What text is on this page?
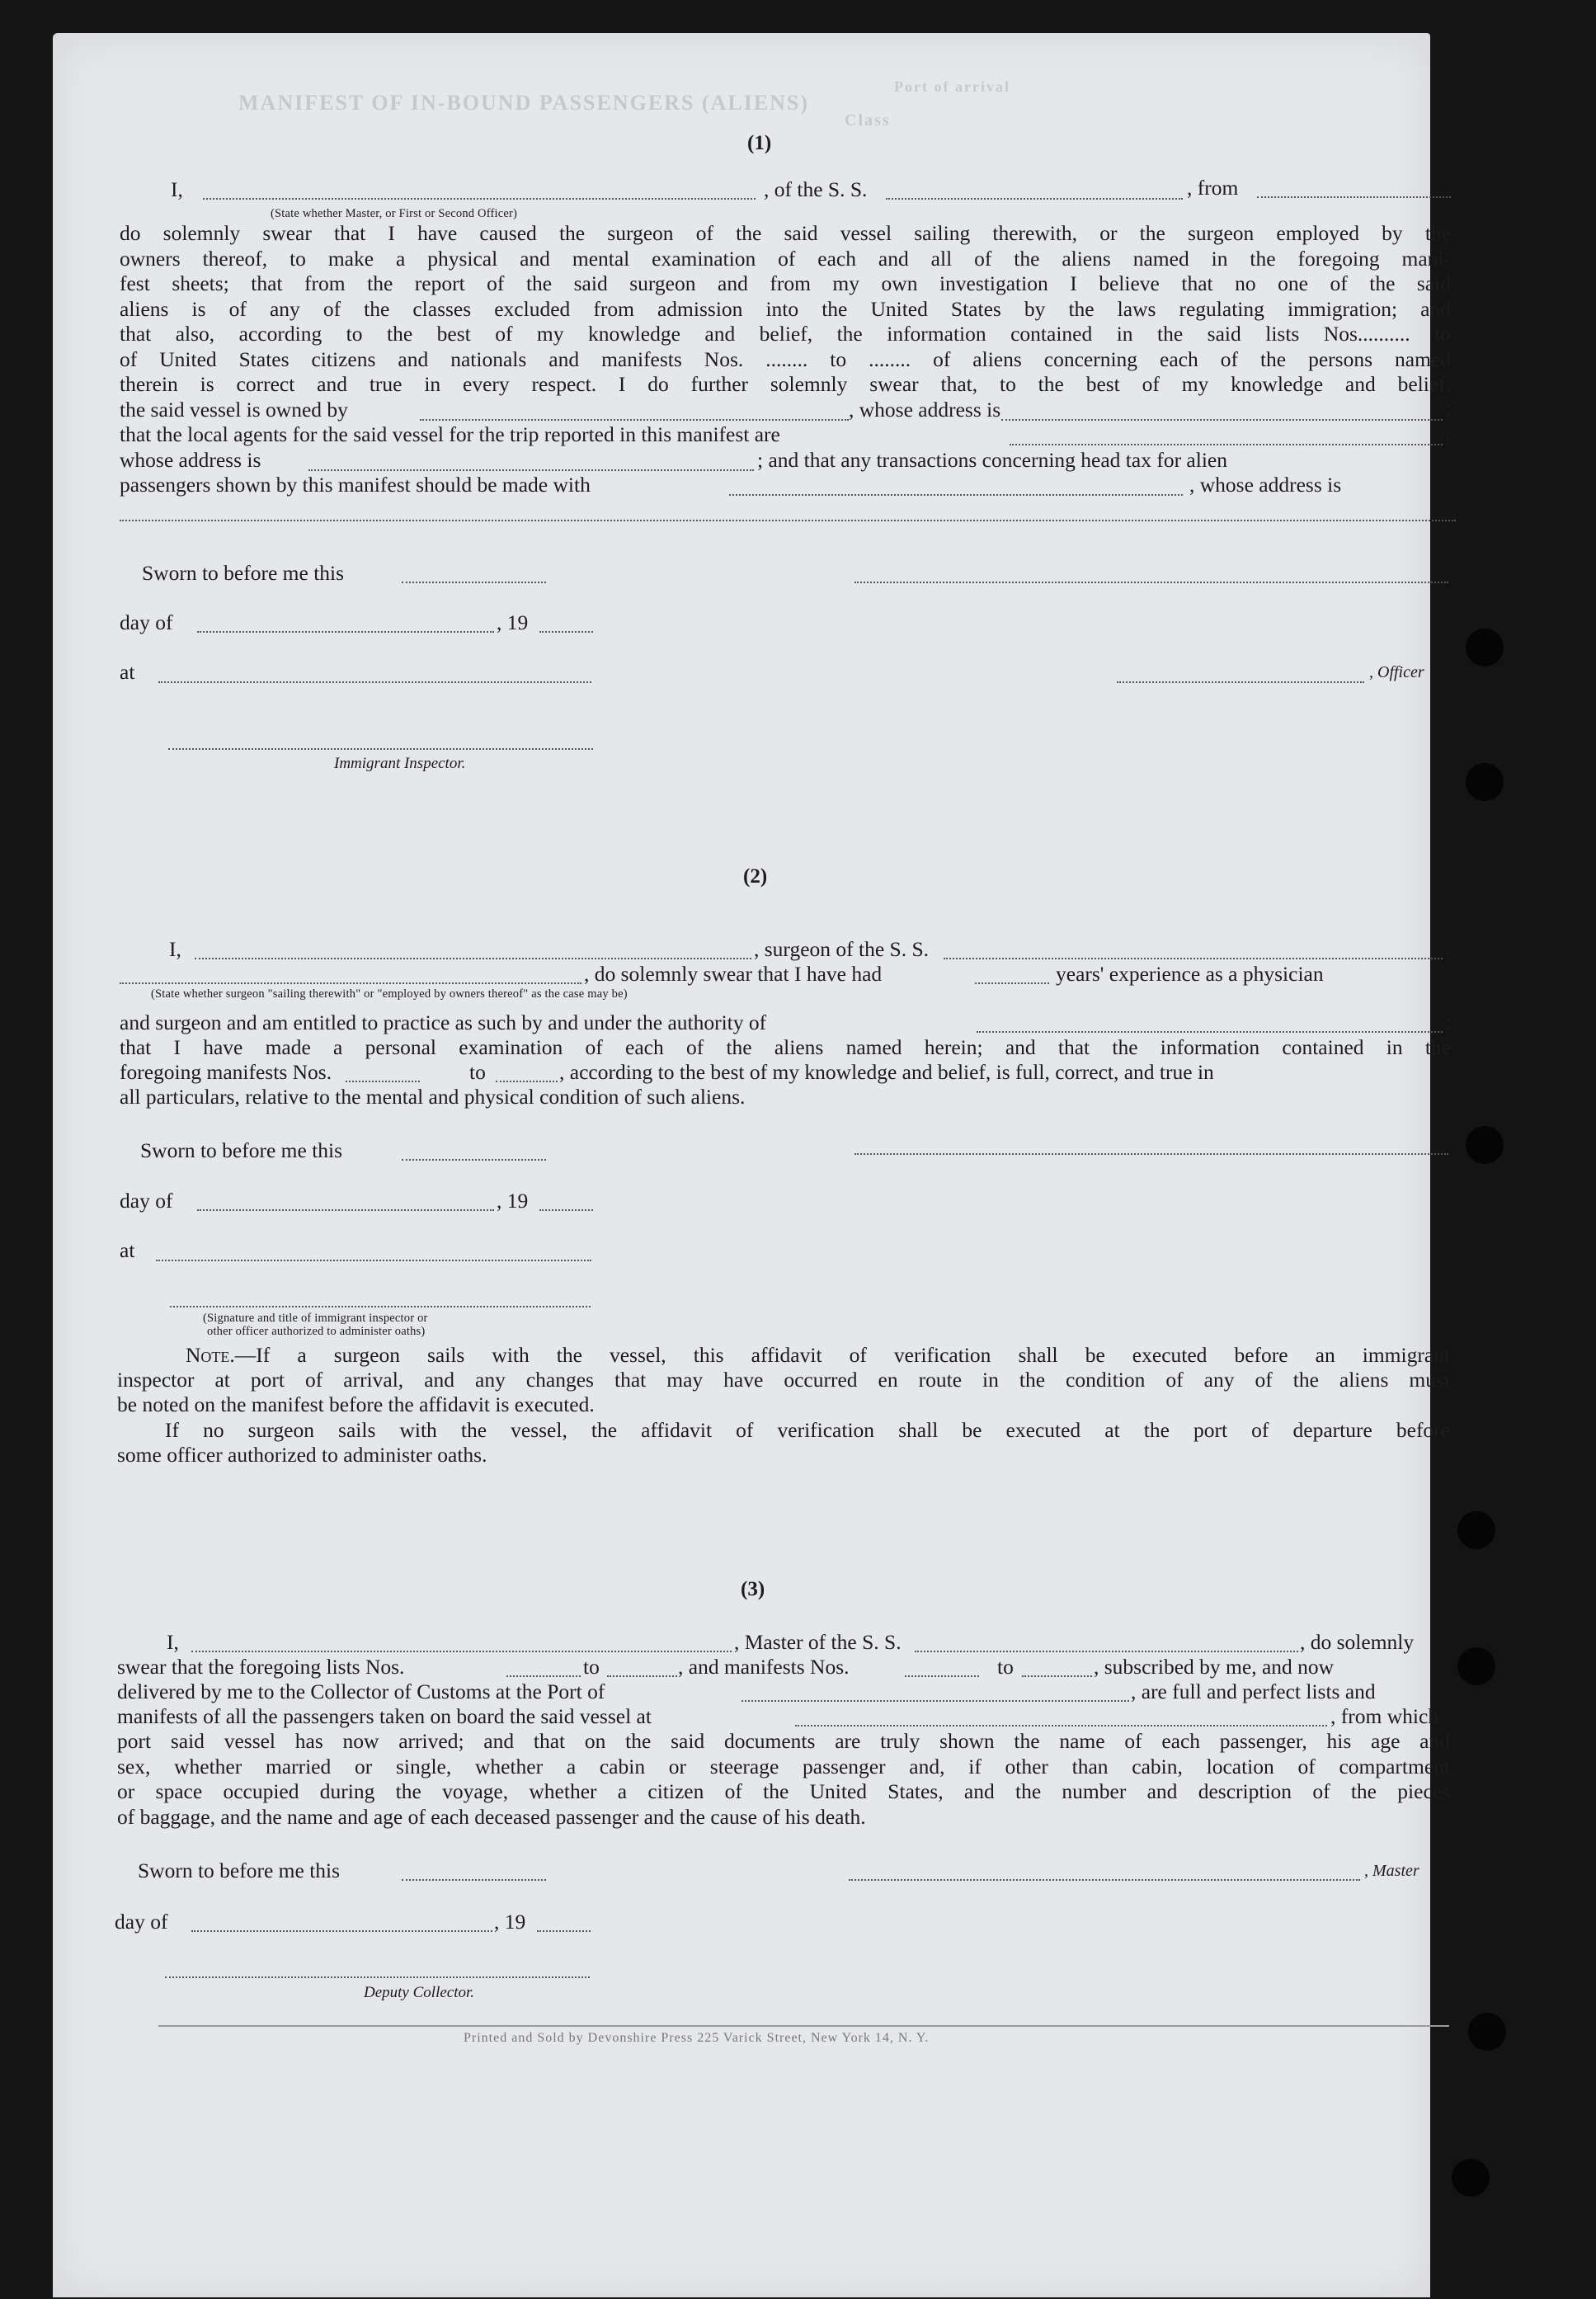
MANIFEST OF IN-BOUND PASSENGERS (ALIENS)
Class
Port of arrival
(1)
I,	, of the S. S.	, from
(State whether Master, or First or Second Officer)
do solemnly swear that I have caused the surgeon of the said vessel sailing therewith, or the surgeon employed by the
owners thereof, to make a physical and mental examination of each and all of the aliens named in the foregoing mani-
fest sheets; that from the report of the said surgeon and from my own investigation I believe that no one of the said
aliens is of any of the classes excluded from admission into the United States by the laws regulating immigration; and
that also, according to the best of my knowledge and belief, the information contained in the said lists Nos.......... to
of United States citizens and nationals and manifests Nos. ........ to ........ of aliens concerning each of the persons named
therein is correct and true in every respect. I do further solemnly swear that, to the best of my knowledge and belief,
the said vessel is owned by	, whose address is	;
that the local agents for the said vessel for the trip reported in this manifest are	,
whose address is	; and that any transactions concerning head tax for alien
passengers shown by this manifest should be made with	, whose address is
Sworn to before me this
day of	, 19
at	, Officer
Immigrant Inspector.
(2)
I,	, surgeon of the S. S.	,
, do solemnly swear that I have had	years' experience as a physician
(State whether surgeon "sailing therewith" or "employed by owners thereof" as the case may be)
and surgeon and am entitled to practice as such by and under the authority of	;
that I have made a personal examination of each of the aliens named herein; and that the information contained in the
foregoing manifests Nos.	to	, according to the best of my knowledge and belief, is full, correct, and true in
all particulars, relative to the mental and physical condition of such aliens.
Sworn to before me this
day of	, 19
at
(Signature and title of immigrant inspector or
other officer authorized to administer oaths)
Note.—If a surgeon sails with the vessel, this affidavit of verification shall be executed before an immigrant
inspector at port of arrival, and any changes that may have occurred en route in the condition of any of the aliens must
be noted on the manifest before the affidavit is executed.
If no surgeon sails with the vessel, the affidavit of verification shall be executed at the port of departure before
some officer authorized to administer oaths.
(3)
I,	, Master of the S. S.	, do solemnly
swear that the foregoing lists Nos.	to	, and manifests Nos.	to	, subscribed by me, and now
delivered by me to the Collector of Customs at the Port of	, are full and perfect lists and
manifests of all the passengers taken on board the said vessel at	, from which
port said vessel has now arrived; and that on the said documents are truly shown the name of each passenger, his age and
sex, whether married or single, whether a cabin or steerage passenger and, if other than cabin, location of compartment
or space occupied during the voyage, whether a citizen of the United States, and the number and description of the pieces
of baggage, and the name and age of each deceased passenger and the cause of his death.
Sworn to before me this	, Master
day of	, 19
Deputy Collector.
Printed and Sold by Devonshire Press 225 Varick Street, New York 14, N. Y.
